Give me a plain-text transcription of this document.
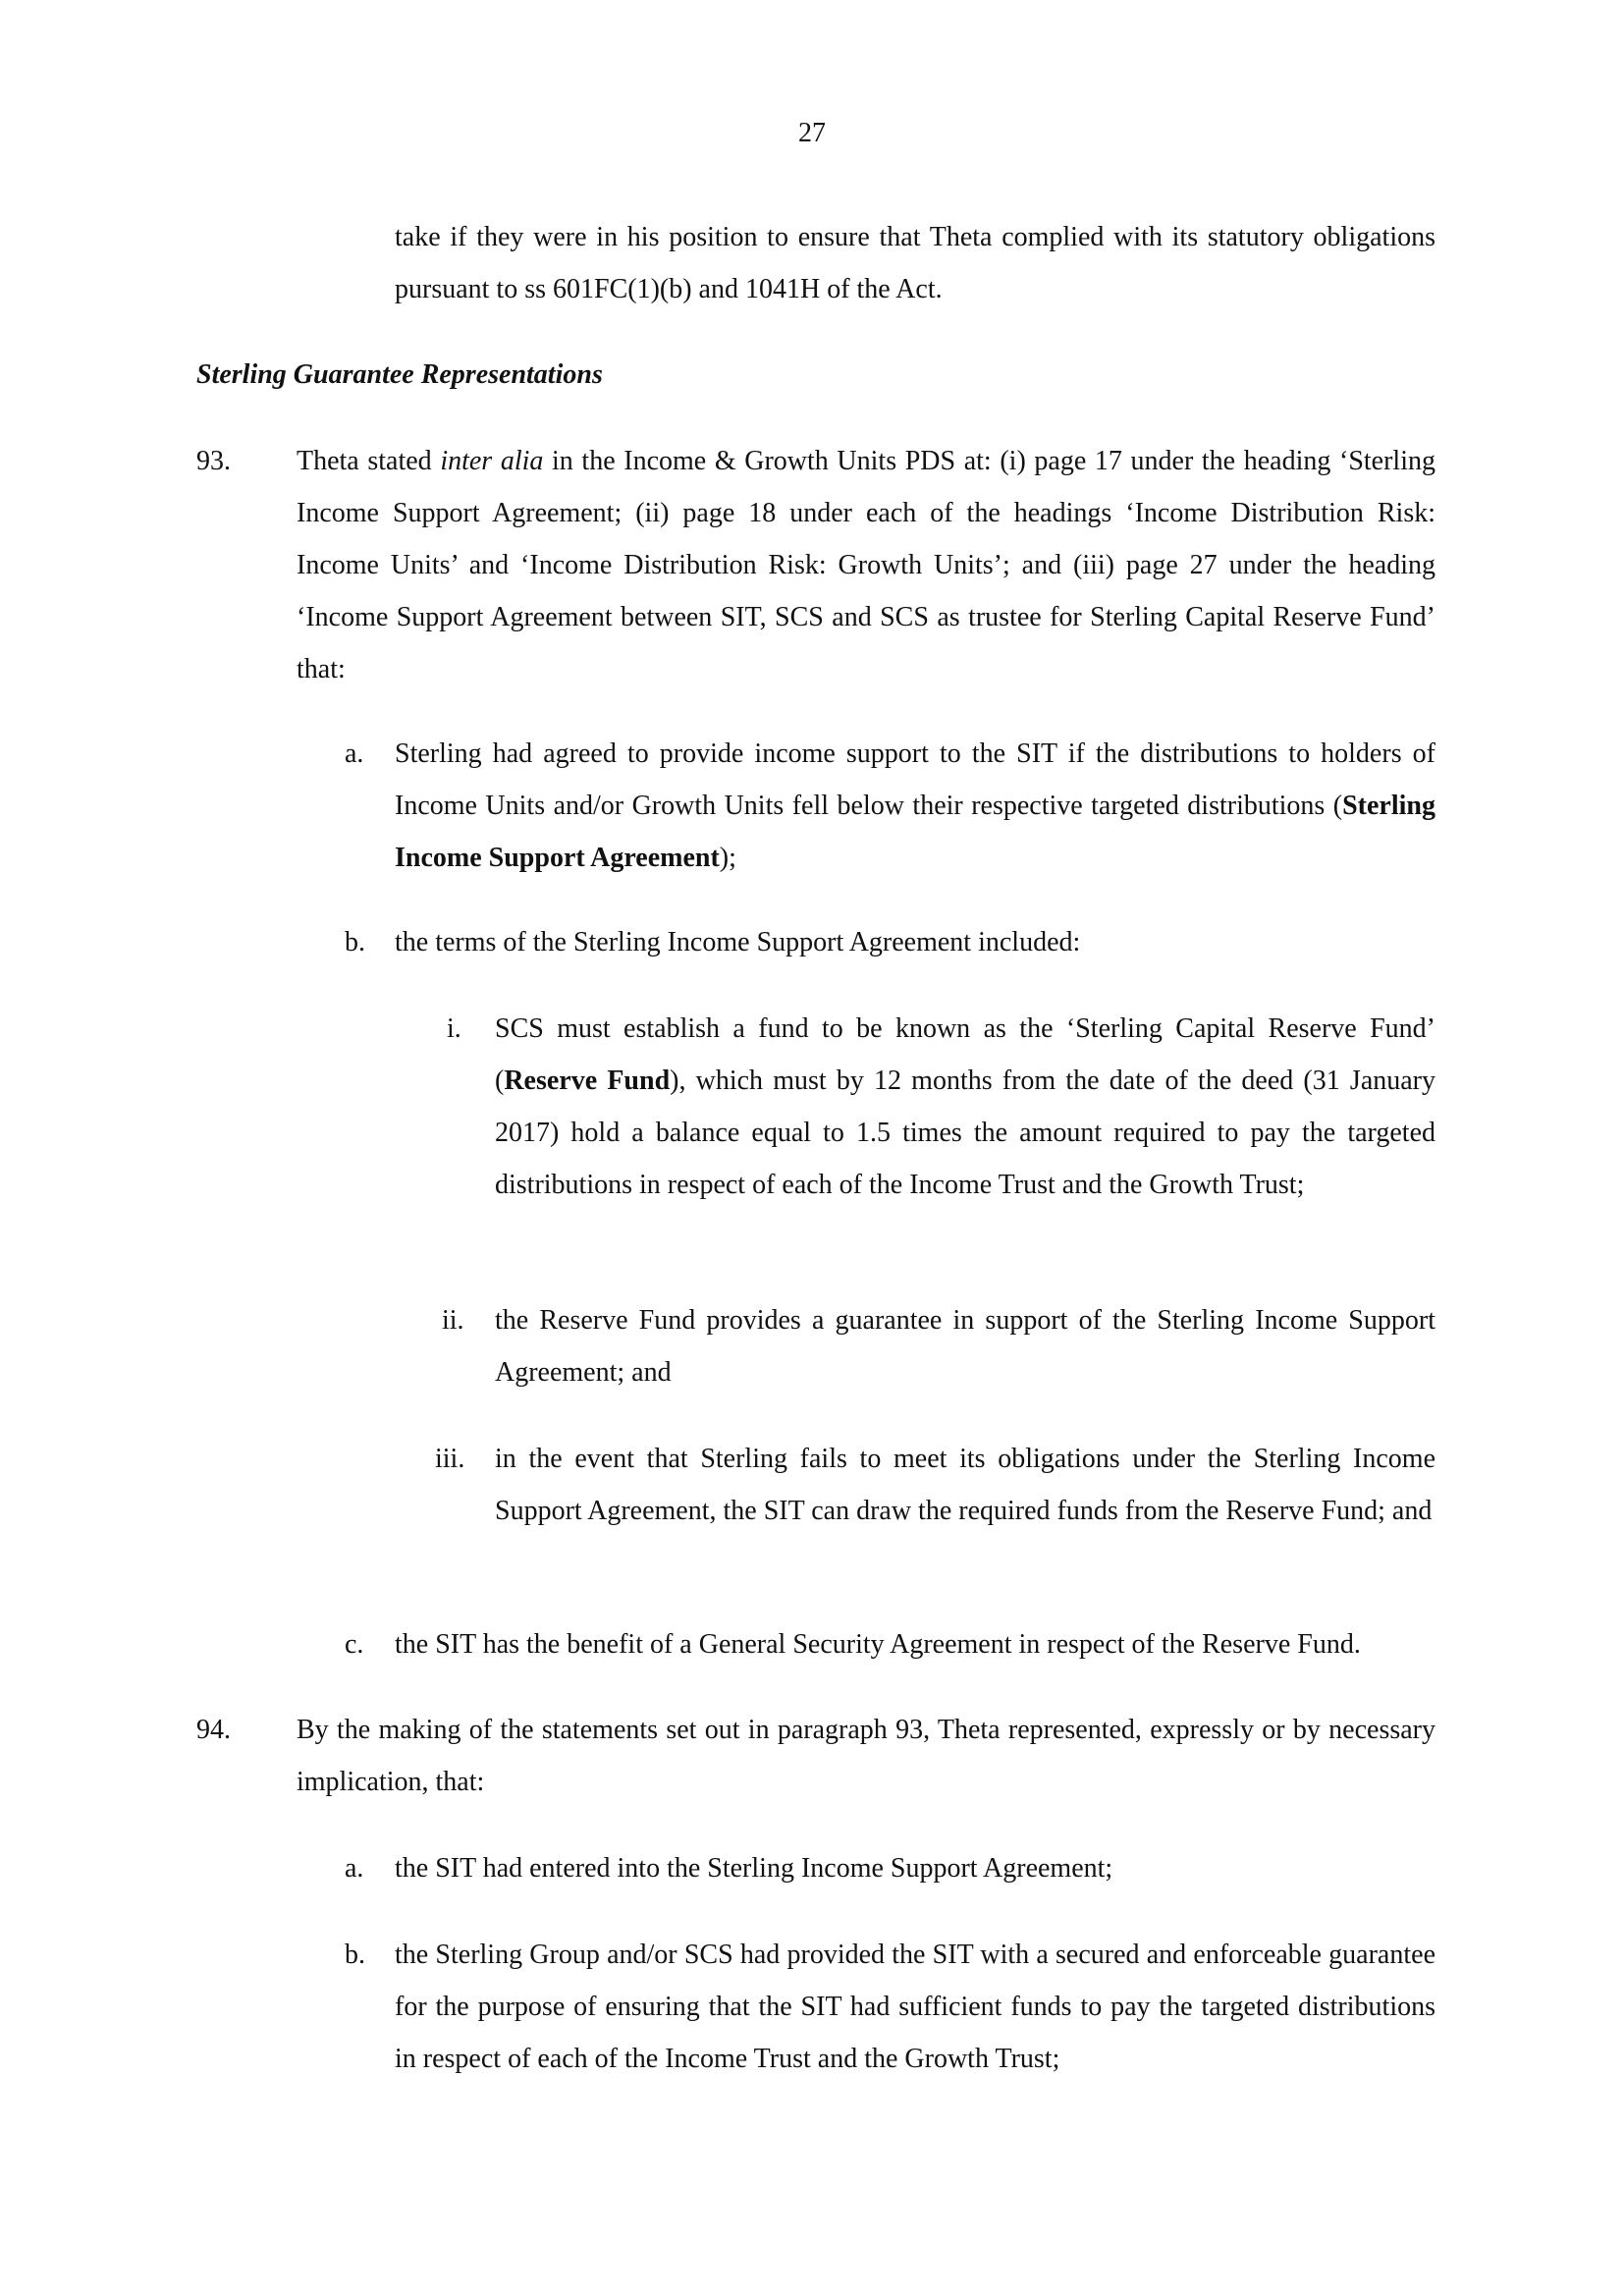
27

take if they were in his position to ensure that Theta complied with its statutory obligations pursuant to ss 601FC(1)(b) and 1041H of the Act.

Sterling Guarantee Representations
93. Theta stated inter alia in the Income & Growth Units PDS at: (i) page 17 under the heading ‘Sterling Income Support Agreement; (ii) page 18 under each of the headings ‘Income Distribution Risk: Income Units’ and ‘Income Distribution Risk: Growth Units’; and (iii) page 27 under the heading ‘Income Support Agreement between SIT, SCS and SCS as trustee for Sterling Capital Reserve Fund’ that:

a. Sterling had agreed to provide income support to the SIT if the distributions to holders of Income Units and/or Growth Units fell below their respective targeted distributions (Sterling Income Support Agreement);

b. the terms of the Sterling Income Support Agreement included:

i. SCS must establish a fund to be known as the ‘Sterling Capital Reserve Fund’ (Reserve Fund), which must by 12 months from the date of the deed (31 January 2017) hold a balance equal to 1.5 times the amount required to pay the targeted distributions in respect of each of the Income Trust and the Growth Trust;

ii. the Reserve Fund provides a guarantee in support of the Sterling Income Support Agreement; and

iii. in the event that Sterling fails to meet its obligations under the Sterling Income Support Agreement, the SIT can draw the required funds from the Reserve Fund; and

c. the SIT has the benefit of a General Security Agreement in respect of the Reserve Fund.

94. By the making of the statements set out in paragraph 93, Theta represented, expressly or by necessary implication, that:

a. the SIT had entered into the Sterling Income Support Agreement;

b. the Sterling Group and/or SCS had provided the SIT with a secured and enforceable guarantee for the purpose of ensuring that the SIT had sufficient funds to pay the targeted distributions in respect of each of the Income Trust and the Growth Trust;
